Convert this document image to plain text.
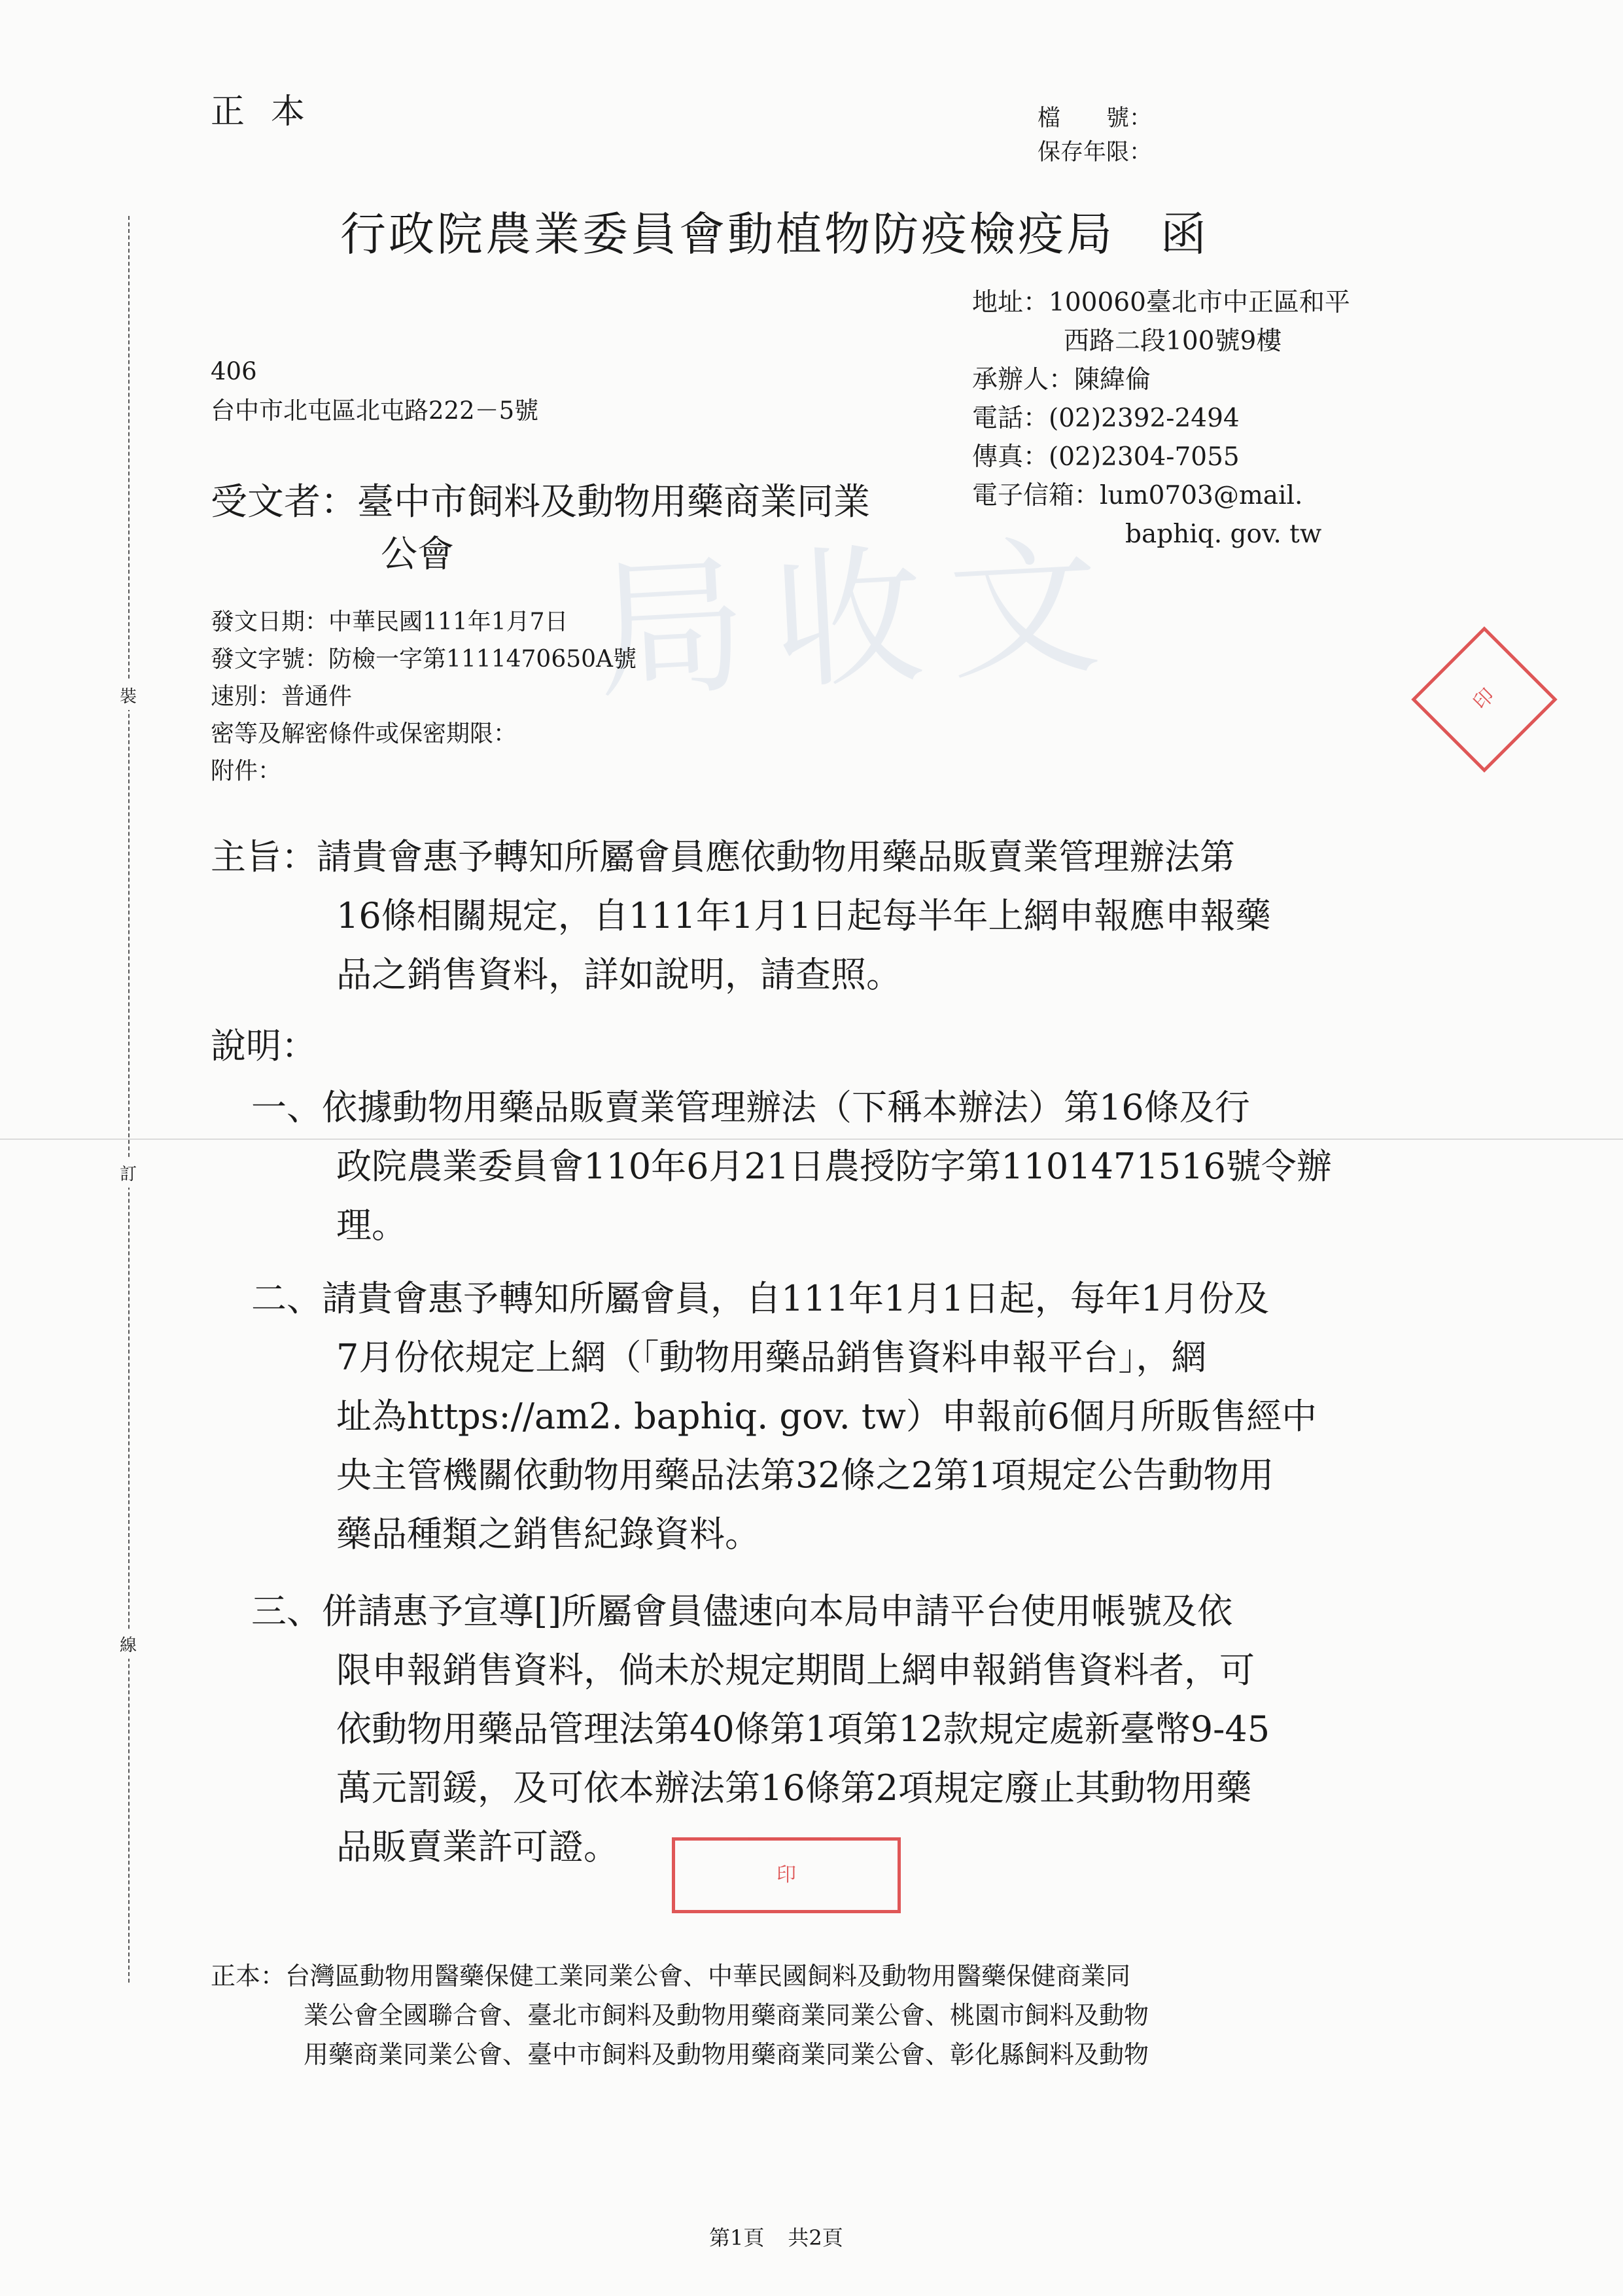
局收文
裝
訂
線
正本	檔　　號：
保存年限：
行政院農業委員會動植物防疫檢疫局 函
地址：100060臺北市中正區和平
西路二段100號9樓
承辦人：陳緯倫
電話：(02)2392-2494
傳真：(02)2304-7055
電子信箱：lum0703@mail.
baphiq. gov. tw
406
台中市北屯區北屯路222－5號
受文者：臺中市飼料及動物用藥商業同業
公會
發文日期：中華民國111年1月7日
發文字號：防檢一字第1111470650A號
速別：普通件
密等及解密條件或保密期限：
附件：
主旨：請貴會惠予轉知所屬會員應依動物用藥品販賣業管理辦法第
16條相關規定，自111年1月1日起每半年上網申報應申報藥
品之銷售資料，詳如說明，請查照。
說明：
一、依據動物用藥品販賣業管理辦法（下稱本辦法）第16條及行
政院農業委員會110年6月21日農授防字第1101471516號令辦
理。
二、請貴會惠予轉知所屬會員，自111年1月1日起，每年1月份及
7月份依規定上網（「動物用藥品銷售資料申報平台」，網
址為https://am2. baphiq. gov. tw）申報前6個月所販售經中
央主管機關依動物用藥品法第32條之2第1項規定公告動物用
藥品種類之銷售紀錄資料。
三、併請惠予宣導[]所屬會員儘速向本局申請平台使用帳號及依
限申報銷售資料，倘未於規定期間上網申報銷售資料者，可
依動物用藥品管理法第40條第1項第12款規定處新臺幣9-45
萬元罰鍰，及可依本辦法第16條第2項規定廢止其動物用藥
品販賣業許可證。
印
印
正本：台灣區動物用醫藥保健工業同業公會、中華民國飼料及動物用醫藥保健商業同
業公會全國聯合會、臺北市飼料及動物用藥商業同業公會、桃園市飼料及動物
用藥商業同業公會、臺中市飼料及動物用藥商業同業公會、彰化縣飼料及動物
第1頁 共2頁
